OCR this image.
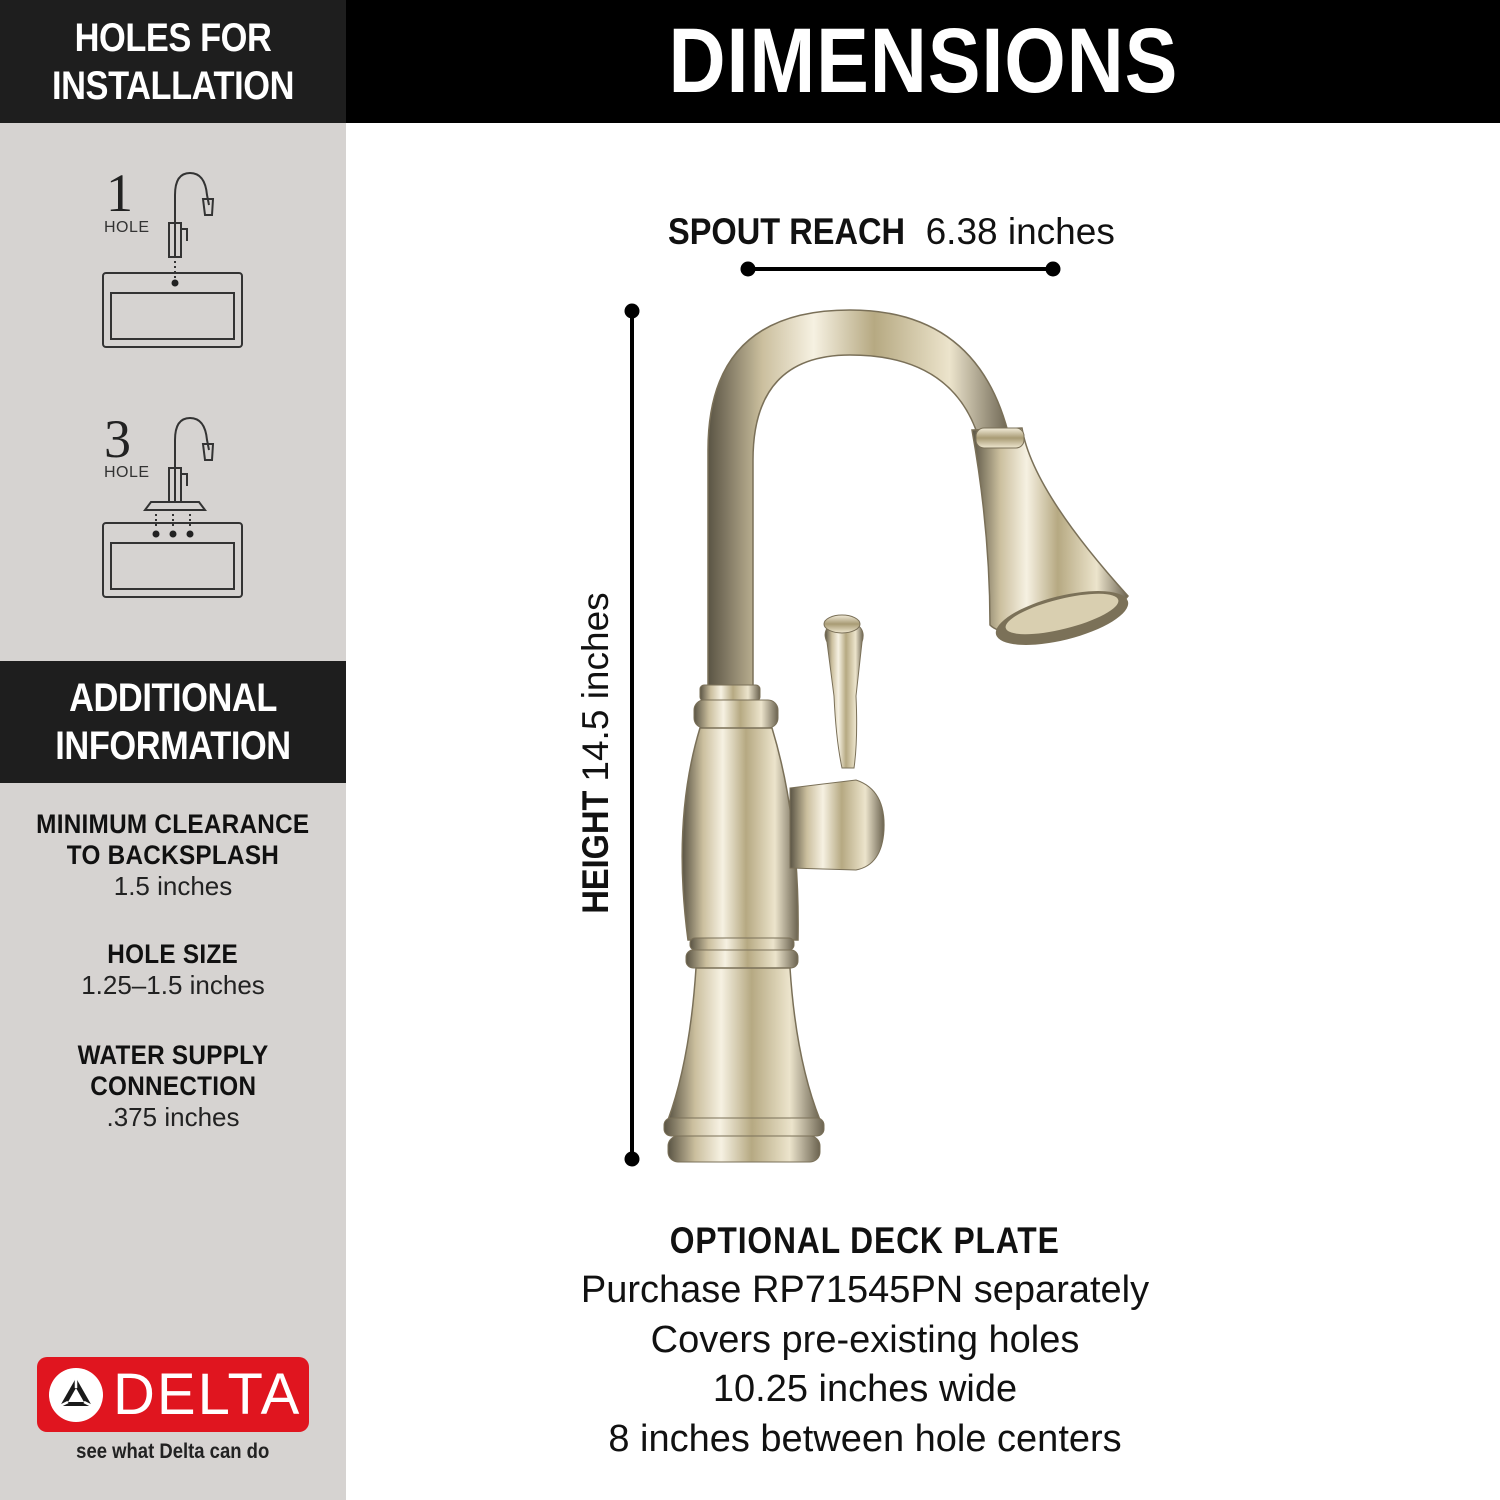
HOLES FOR
INSTALLATION
1
HOLE
3
HOLE
ADDITIONAL
INFORMATION
MINIMUM CLEARANCE
TO BACKSPLASH
1.5 inches
HOLE SIZE
1.25–1.5 inches
WATER SUPPLY
CONNECTION
.375 inches
DELTA
see what Delta can do
DIMENSIONS
SPOUT REACH 6.38 inches
HEIGHT 14.5 inches
OPTIONAL DECK PLATE
Purchase RP71545PN separately
Covers pre-existing holes
10.25 inches wide
8 inches between hole centers
